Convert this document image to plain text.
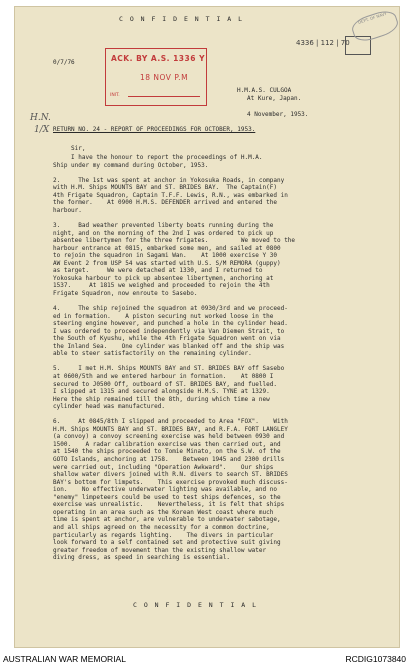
C O N F I D E N T I A L
0/7/76
H.M.A.S. CULGOA
At Kure, Japan.
4 November, 1953.
RETURN NO. 24 - REPORT OF PROCEEDINGS FOR OCTOBER, 1953.
Sir,
I have the honour to report the proceedings of H.M.A.
Ship under my command during October, 1953.
2.     The 1st was spent at anchor in Yokosuka Roads, in company
with H.M. Ships MOUNTS BAY and ST. BRIDES BAY.  The Captain(F)
4th Frigate Squadron, Captain T.F.F. Lewis, R.N., was embarked in
the former.    At 0900 H.M.S. DEFENDER arrived and entered the
harbour.
3.     Bad weather prevented liberty boats running during the
night, and on the morning of the 2nd I was ordered to pick up
absentee libertymen for the three frigates.         We moved to the
harbour entrance at 0815, embarked some men, and sailed at 0800
to rejoin the squadron in Sagami Wan.    At 1000 exercise Y 30
AW Event 2 from USP 54 was started with U.S. S/M REMORA (guppy)
as target.     We were detached at 1330, and I returned to
Yokosuka harbour to pick up absentee libertymen, anchoring at
1537.     At 1815 we weighed and proceeded to rejoin the 4th
Frigate Squadron, now enroute to Sasebo.
4.     The ship rejoined the squadron at 0930/3rd and we proceed-
ed in formation.    A piston securing nut worked loose in the
steering engine however, and punched a hole in the cylinder head.
I was ordered to proceed independently via Van Diemen Strait, to
the South of Kyushu, while the 4th Frigate Squadron went on via
the Inland Sea.    One cylinder was blanked off and the ship was
able to steer satisfactorily on the remaining cylinder.
5.     I met H.M. Ships MOUNTS BAY and ST. BRIDES BAY off Sasebo
at 0600/5th and we entered harbour in formation.    At 0800 I
secured to J0500 Off, outboard of ST. BRIDES BAY, and fuelled.
I slipped at 1315 and secured alongside H.M.S. TYNE at 1329.
Here the ship remained till the 8th, during which time a new
cylinder head was manufactured.
6.     At 0845/8th I slipped and proceeded to Area "FOX".    With
H.M. Ships MOUNTS BAY and ST. BRIDES BAY, and R.F.A. FORT LANGLEY
(a convoy) a convoy screening exercise was held between 0930 and
1500.    A radar calibration exercise was then carried out, and
at 1540 the ships proceeded to Tomie Minato, on the S.W. of the
GOTO Islands, anchoring at 1758.    Between 1945 and 2300 drills
were carried out, including "Operation Awkward".    Our ships
shallow water divers joined with R.N. divers to search ST. BRIDES
BAY's bottom for limpets.    This exercise provoked much discuss-
ion.    No effective underwater lighting was available, and no
"enemy" limpeteers could be used to test ships defences, so the
exercise was unrealistic.    Nevertheless, it is felt that ships
operating in an area such as the Korean West coast where much
time is spent at anchor, are vulnerable to underwater sabotage,
and all ships agreed on the necessity for a common doctrine,
particularly as regards lighting.    The divers in particular
look forward to a self contained set and protective suit giving
greater freedom of movement than the existing shallow water
diving dress, as speed in searching is essential.
C O N F I D E N T I A L
ACK. BY A.S. 1336 Y
18 NOV P.M
INIT.
4336 | 112 | 70
DEPT. OF NAVY
H.N.
1/X
AUSTRALIAN WAR MEMORIAL	RCDIG1073840
